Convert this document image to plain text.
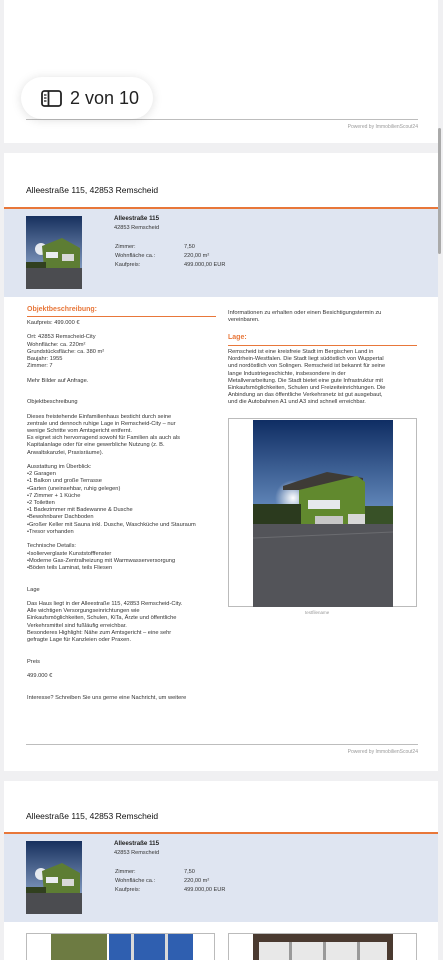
Powered by ImmobilienScout24
2 von 10
Alleestraße 115, 42853 Remscheid
Alleestraße 115
42853 Remscheid
Zimmer:	7,50
Wohnfläche ca.:	220,00 m²
Kaufpreis:	499.000,00 EUR
Objektbeschreibung:
Kaufpreis: 499.000 €

Ort: 42853 Remscheid-City
Wohnfläche: ca. 220m²
Grundstücksfläche: ca. 380 m²
Baujahr: 1955
Zimmer: 7

Mehr Bilder auf Anfrage.

Objektbeschreibung

Dieses freistehende Einfamilienhaus besticht durch seine
zentrale und dennoch ruhige Lage in Remscheid-City – nur
wenige Schritte vom Amtsgericht entfernt.
Es eignet sich hervorragend sowohl für Familien als auch als
Kapitalanlage oder für eine gewerbliche Nutzung (z. B.
Anwaltskanzlei, Praxisräume).

Ausstattung im Überblick:
•2 Garagen
•1 Balkon und große Terrasse
•Garten (uneinsehbar, ruhig gelegen)
•7 Zimmer + 1 Küche
•2 Toiletten
•1 Badezimmer mit Badewanne & Dusche
•Bewohnbarer Dachboden
•Großer Keller mit Sauna inkl. Dusche, Waschküche und Stauraum
•Tresor vorhanden

Technische Details:
•Isolierverglaste Kunststofffenster
•Moderne Gas-Zentralheizung mit Warmwasserversorgung
•Böden teils Laminat, teils Fliesen

Lage

Das Haus liegt in der Alleestraße 115, 42853 Remscheid-City.
Alle wichtigen Versorgungseinrichtungen wie
Einkaufsmöglichkeiten, Schulen, KiTa, Ärzte und öffentliche
Verkehrsmittel sind fußläufig erreichbar.
Besonderes Highlight: Nähe zum Amtsgericht – eine sehr
gefragte Lage für Kanzleien oder Praxen.

Preis

499.000 €

Interesse? Schreiben Sie uns gerne eine Nachricht, um weitere
Informationen zu erhalten oder einen Besichtigungstermin zu
vereinbaren.
Lage:
Remscheid ist eine kreisfreie Stadt im Bergischen Land in
Nordrhein-Westfalen. Die Stadt liegt südöstlich von Wuppertal
und nordöstlich von Solingen. Remscheid ist bekannt für seine
lange Industriegeschichte, insbesondere in der
Metallverarbeitung. Die Stadt bietet eine gute Infrastruktur mit
Einkaufsmöglichkeiten, Schulen und Freizeiteinrichtungen. Die
Anbindung an das öffentliche Verkehrsnetz ist gut ausgebaut,
und die Autobahnen A1 und A3 sind schnell erreichbar.
testfilename
Powered by ImmobilienScout24
Alleestraße 115, 42853 Remscheid
Alleestraße 115
42853 Remscheid
Zimmer:	7,50
Wohnfläche ca.:	220,00 m²
Kaufpreis:	499.000,00 EUR
